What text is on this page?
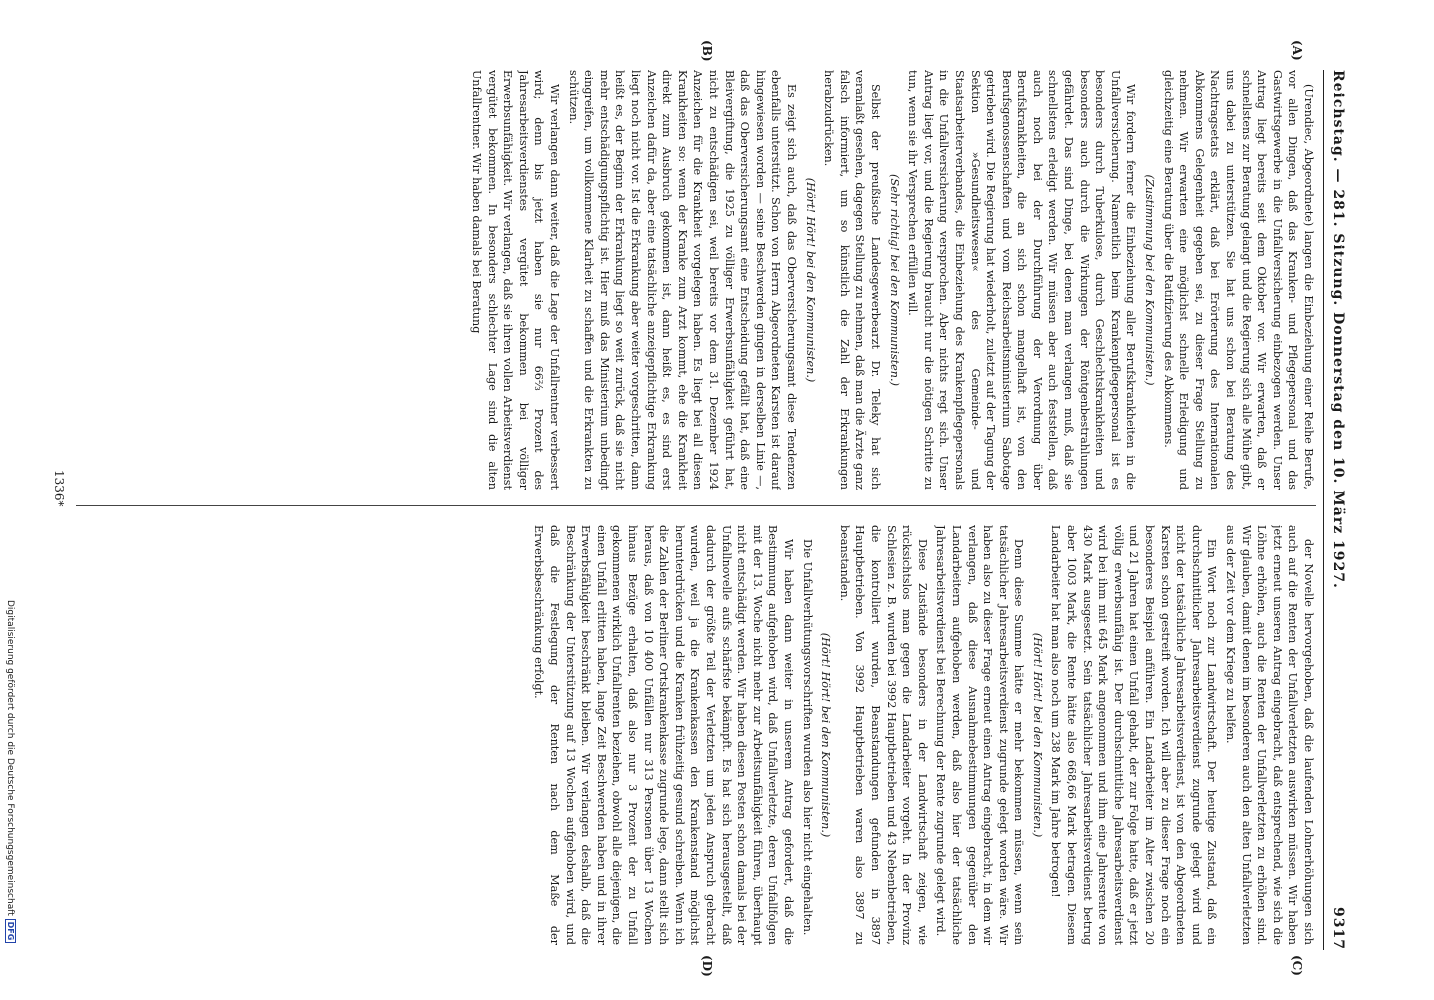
Reichstag. — 281. Sitzung. Donnerstag den 10. März 1927.
9317
(A)
(B)
(C)
(D)

(Urendiec, Abgeordnete) langen die Einbeziehung einer Reihe Berufe, vor allen Dingen, daß das Kranken- und Pflegepersonal und das Gastwirtsgewerbe in die Unfallversicherung einbezogen werden. Unser Antrag liegt bereits seit dem Oktober vor. Wir erwarten, daß er schnellstens zur Beratung gelangt und die Regierung sich alle Mühe gibt, uns dabei zu unterstützen. Sie hat uns schon bei Beratung des Nachtragsetats erklärt, daß bei Erörterung des Internationalen Abkommens Gelegenheit gegeben sei, zu dieser Frage Stellung zu nehmen. Wir erwarten eine möglichst schnelle Erledigung und gleichzeitig eine Beratung über die Ratifizierung des Abkommens.

(Zustimmung bei den Kommunisten.)

Wir fordern ferner die Einbeziehung aller Berufskrankheiten in die Unfallversicherung. Namentlich beim Krankenpflegepersonal ist es besonders durch Tuberkulose, durch Geschlechtskrankheiten und besonders auch durch die Wirkungen der Röntgenbestrahlungen gefährdet. Das sind Dinge, bei denen man verlangen muß, daß sie schnellstens erledigt werden. Wir müssen aber auch feststellen, daß auch noch bei der Durchführung der Verordnung über Berufskrankheiten, die an sich schon mangelhaft ist, von den Berufsgenossenschaften und vom Reichsarbeitsministerium Sabotage getrieben wird. Die Regierung hat wiederholt, zuletzt auf der Tagung der Sektion »Gesundheitswesen« des Gemeinde- und Staatsarbeiterverbandes, die Einbeziehung des Krankenpflegepersonals in die Unfallversicherung versprochen. Aber nichts regt sich. Unser Antrag liegt vor, und die Regierung braucht nur die nötigen Schritte zu tun, wenn sie ihr Versprechen erfüllen will.

(Sehr richtig! bei den Kommunisten.)

Selbst der preußische Landesgewerbearzt Dr. Teleky hat sich veranlaßt gesehen, dagegen Stellung zu nehmen, daß man die Ärzte ganz falsch informiert, um so künstlich die Zahl der Erkrankungen herabzudrücken.

(Hört! Hört! bei den Kommunisten.)

Es zeigt sich auch, daß das Oberversicherungsamt diese Tendenzen ebenfalls unterstützt. Schon von Herrn Abgeordneten Karsten ist darauf hingewiesen worden — seine Beschwerden gingen in derselben Linie —, daß das Oberversicherungsamt eine Entscheidung gefällt hat, daß eine Bleivergiftung, die 1925 zu völliger Erwerbsunfähigkeit geführt hat, nicht zu entschädigen sei, weil bereits vor dem 31. Dezember 1924 Anzeichen für die Krankheit vorgelegen haben. Es liegt bei all diesen Krankheiten so: wenn der Kranke zum Arzt kommt, ehe die Krankheit direkt zum Ausbruch gekommen ist, dann heißt es, es sind erst Anzeichen dafür da, aber eine tatsächliche anzeigepflichtige Erkrankung liegt noch nicht vor. Ist die Erkrankung aber weiter vorgeschritten, dann heißt es, der Beginn der Erkrankung liegt so weit zurück, daß sie nicht mehr entschädigungspflichtig ist. Hier muß das Ministerium unbedingt eingreifen, um vollkommene Klarheit zu schaffen und die Erkrankten zu schützen.

Wir verlangen dann weiter, daß die Lage der Unfallrentner verbessert wird; denn bis jetzt haben sie nur 66⅔ Prozent des Jahresarbeitsverdienstes vergütet bekommen bei völliger Erwerbsunfähigkeit. Wir verlangen, daß sie ihren vollen Arbeitsverdienst vergütet bekommen. In besonders schlechter Lage sind die alten Unfallrentner. Wir haben damals bei Beratung

der Novelle hervorgehoben, daß die laufenden Lohnerhöhungen sich auch auf die Renten der Unfallverletzten auswirken müssen. Wir haben jetzt erneut unseren Antrag eingebracht, daß entsprechend, wie sich die Löhne erhöhen, auch die Renten der Unfallverletzten zu erhöhen sind. Wir glauben, damit denen im besonderen auch den alten Unfallverletzten aus der Zeit vor dem Kriege zu helfen.

Ein Wort noch zur Landwirtschaft. Der heutige Zustand, daß ein durchschnittlicher Jahresarbeitsverdienst zugrunde gelegt wird und nicht der tatsächliche Jahresarbeitsverdienst, ist von den Abgeordneten Karsten schon gestreift worden. Ich will aber zu dieser Frage noch ein besonderes Beispiel anführen. Ein Landarbeiter im Alter zwischen 20 und 21 Jahren hat einen Unfall gehabt, der zur Folge hatte, daß er jetzt völlig erwerbsunfähig ist. Der durchschnittliche Jahresarbeitsverdienst wird bei ihm mit 645 Mark angenommen und ihm eine Jahresrente von 430 Mark ausgesetzt. Sein tatsächlicher Jahresarbeitsverdienst betrug aber 1003 Mark, die Rente hätte also 668,66 Mark betragen. Diesem Landarbeiter hat man also noch um 238 Mark im Jahre betrogen!

(Hört! Hört! bei den Kommunisten.)

Denn diese Summe hätte er mehr bekommen müssen, wenn sein tatsächlicher Jahresarbeitsverdienst zugrunde gelegt worden wäre. Wir haben also zu dieser Frage erneut einen Antrag eingebracht, in dem wir verlangen, daß diese Ausnahmebestimmungen gegenüber den Landarbeitern aufgehoben werden, daß also hier der tatsächliche Jahresarbeitsverdienst bei Berechnung der Rente zugrunde gelegt wird.

Diese Zustände besonders in der Landwirtschaft zeigen, wie rücksichtslos man gegen die Landarbeiter vorgeht. In der Provinz Schlesien z. B. wurden bei 3992 Hauptbetrieben und 43 Nebenbetrieben, die kontrolliert wurden, Beanstandungen gefunden in 3897 Hauptbetrieben. Von 3992 Hauptbetrieben waren also 3897 zu beanstanden.

(Hört! Hört! bei den Kommunisten.)

Die Unfallverhütungsvorschriften wurden also hier nicht eingehalten.

Wir haben dann weiter in unserem Antrag gefordert, daß die Bestimmung aufgehoben wird, daß Unfallverletzte, deren Unfallfolgen mit der 13. Woche nicht mehr zur Arbeitsunfähigkeit führen, überhaupt nicht entschädigt werden. Wir haben diesen Posten schon damals bei der Unfallnovelle aufs schärfste bekämpft. Es hat sich herausgestellt, daß dadurch der größte Teil der Verletzten um jeden Anspruch gebracht wurden, weil ja die Krankenkassen den Krankenstand möglichst herunterdrücken und die Kranken frühzeitig gesund schreiben. Wenn ich die Zahlen der Berliner Ortskrankenkasse zugrunde lege, dann stellt sich heraus, daß von 10 400 Unfällen nur 313 Personen über 13 Wochen hinaus Bezüge erhalten, daß also nur 3 Prozent der zu Unfall gekommenen wirklich Unfallrenten beziehen, obwohl alle diejenigen, die einen Unfall erlitten haben, lange Zeit Beschwerden haben und in ihrer Erwerbsfähigkeit beschränkt bleiben. Wir verlangen deshalb, daß die Beschränkung der Unterstützung auf 13 Wochen aufgehoben wird, und daß die Festlegung der Renten nach dem Maße der Erwerbsbeschränkung erfolgt.

1336*
Digitalisierung gefördert durch die Deutsche Forschungsgemeinschaft DFG
